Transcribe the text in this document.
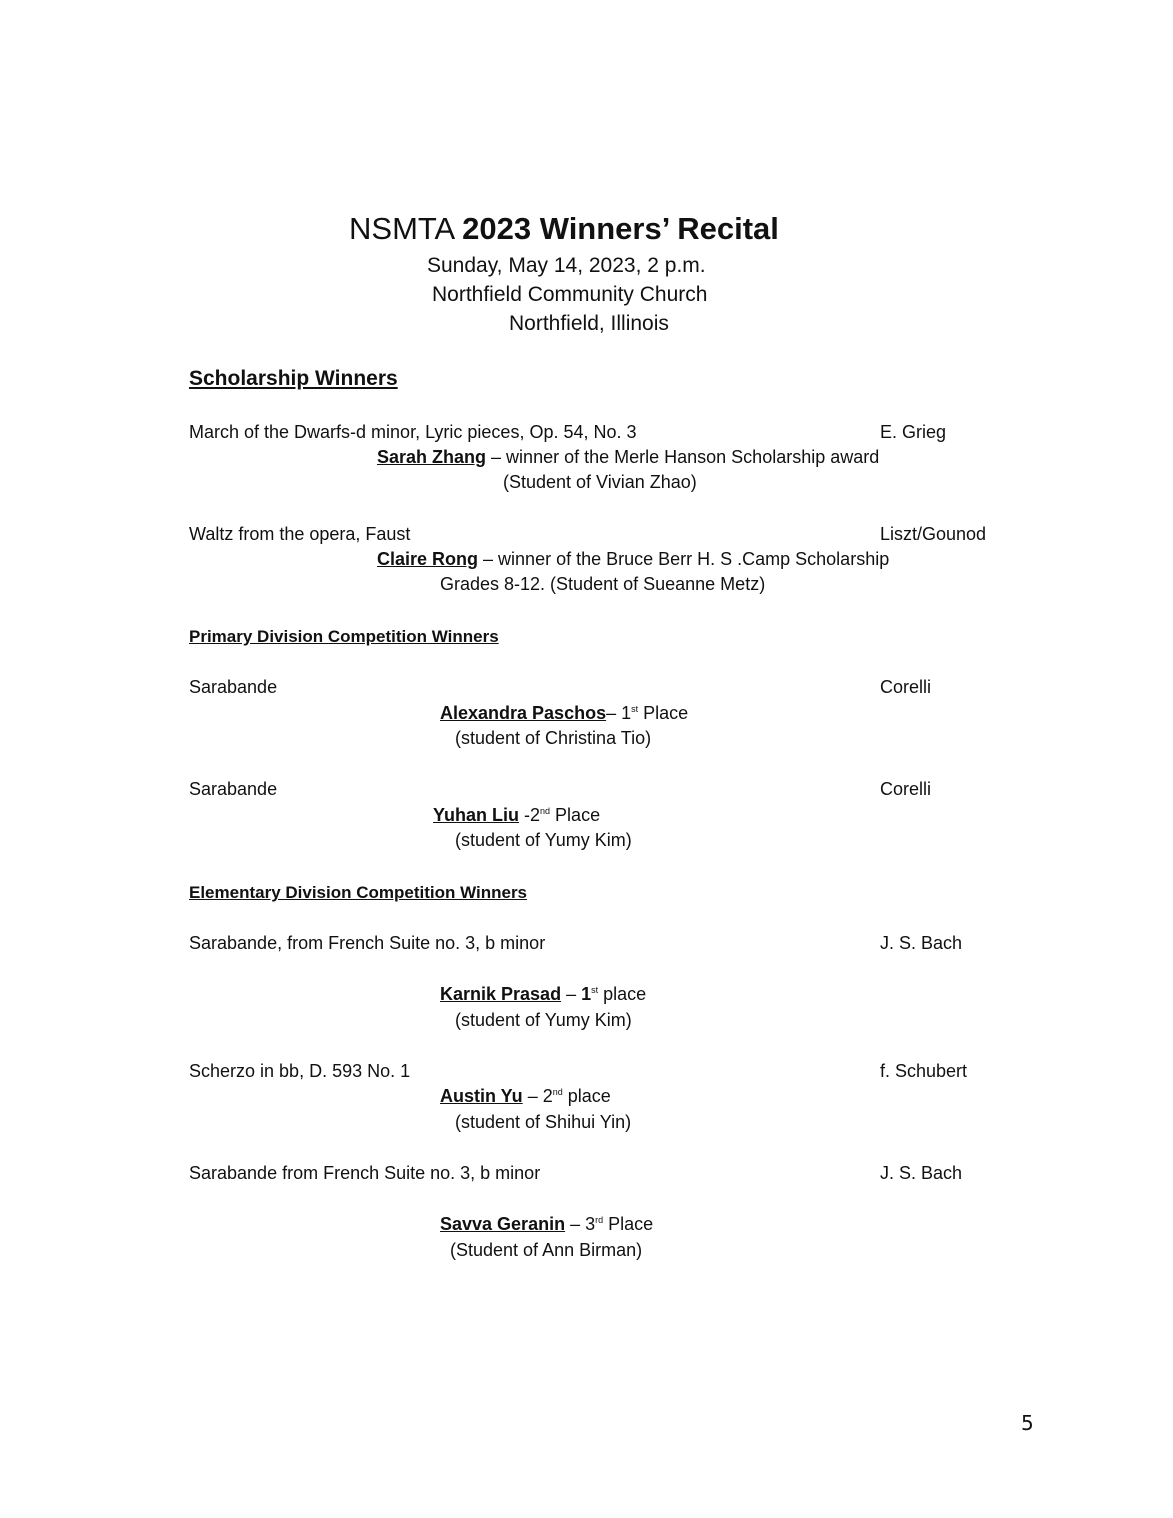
NSMTA 2023 Winners’ Recital
Sunday, May 14, 2023, 2 p.m.
Northfield Community Church
Northfield, Illinois
Scholarship Winners
March of the Dwarfs-d minor, Lyric pieces, Op. 54, No. 3	E. Grieg
Sarah Zhang – winner of the Merle Hanson Scholarship award
(Student of Vivian Zhao)
Waltz from the opera, Faust	Liszt/Gounod
Claire Rong – winner of the Bruce Berr H. S .Camp Scholarship
Grades 8-12. (Student of Sueanne Metz)
Primary Division Competition Winners
Sarabande	Corelli
Alexandra Paschos– 1st Place
(student of Christina Tio)
Sarabande	Corelli
Yuhan Liu -2nd Place
(student of Yumy Kim)
Elementary Division Competition Winners
Sarabande, from French Suite no. 3, b minor	J. S. Bach
Karnik Prasad – 1st place
(student of Yumy Kim)
Scherzo in bb, D. 593 No. 1	f. Schubert
Austin Yu – 2nd place
(student of Shihui Yin)
Sarabande from French Suite no. 3, b minor	J. S. Bach
Savva Geranin – 3rd Place
(Student of Ann Birman)
5
